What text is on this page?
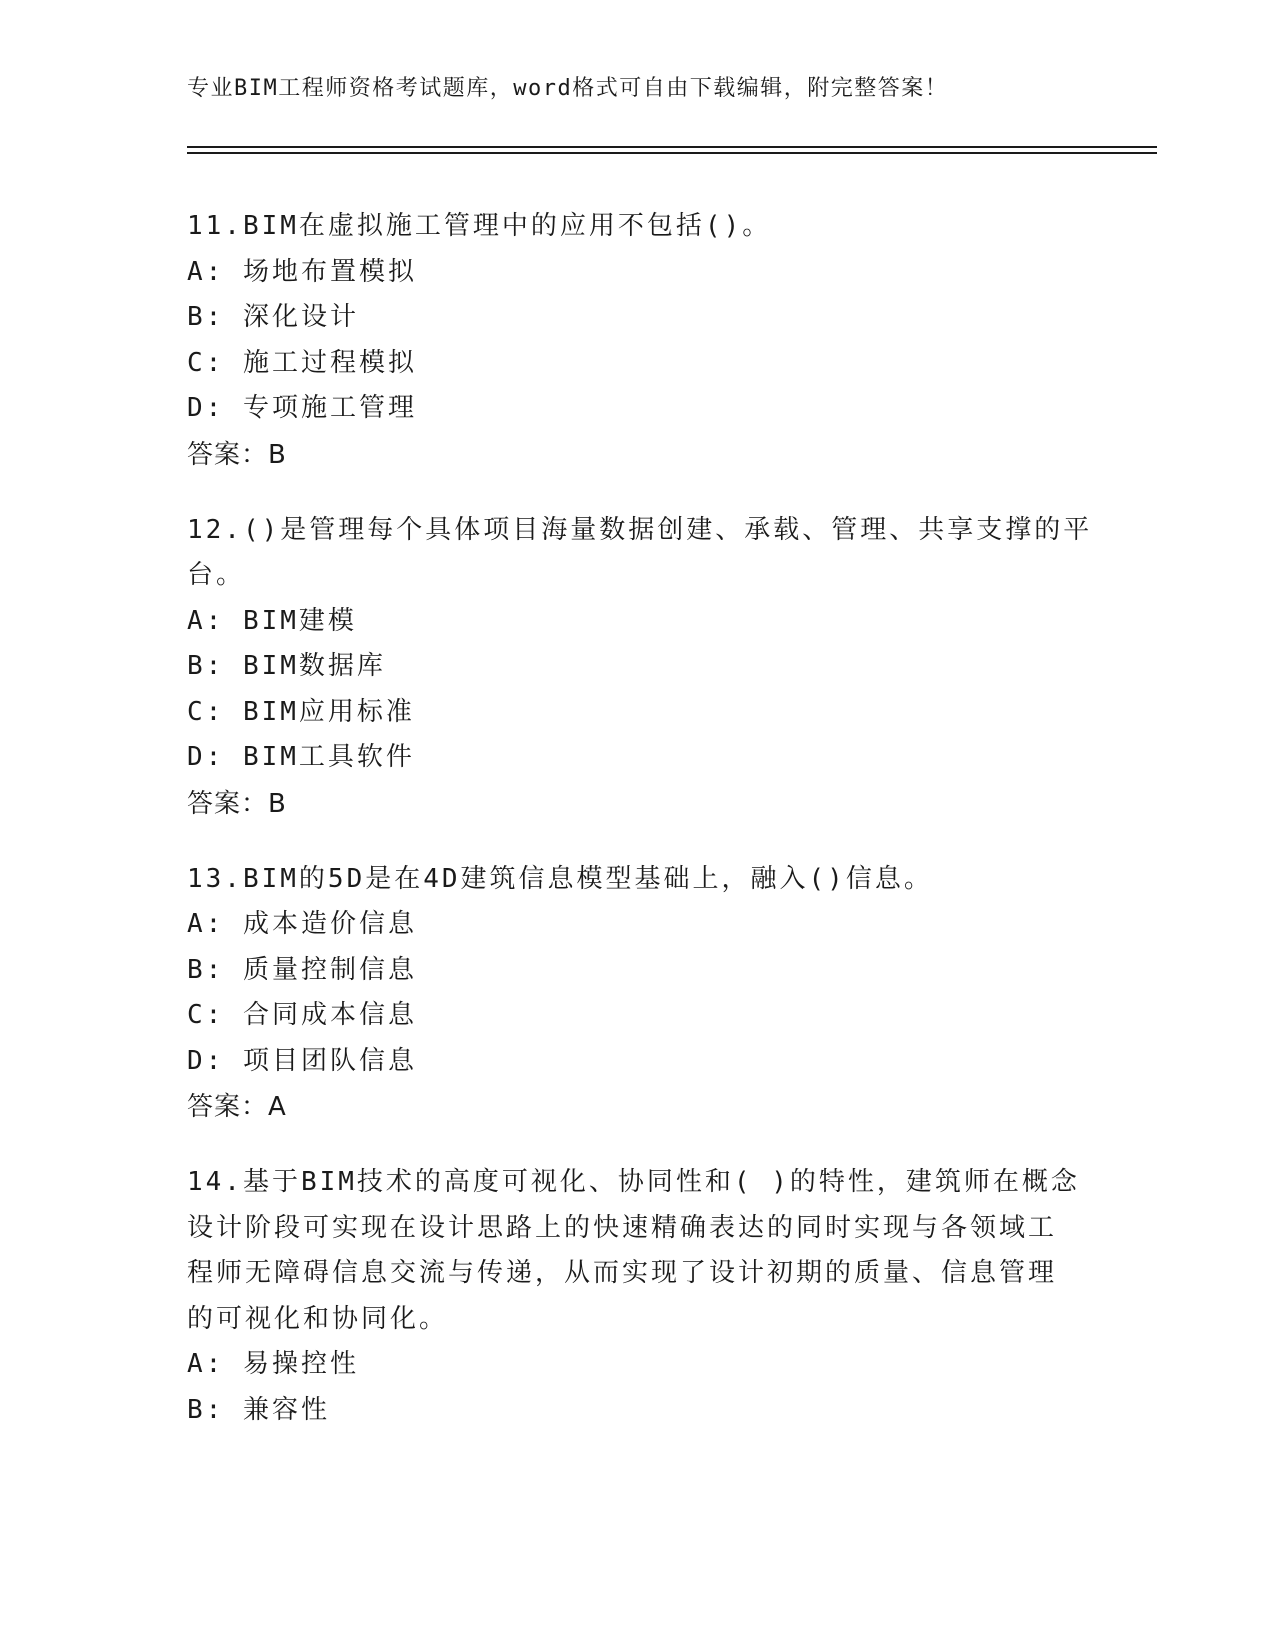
专业BIM工程师资格考试题库，word格式可自由下载编辑，附完整答案！
11.BIM在虚拟施工管理中的应用不包括()。
A: 场地布置模拟
B: 深化设计
C: 施工过程模拟
D: 专项施工管理
答案：B
12.()是管理每个具体项目海量数据创建、承载、管理、共享支撑的平
台。
A: BIM建模
B: BIM数据库
C: BIM应用标准
D: BIM工具软件
答案：B
13.BIM的5D是在4D建筑信息模型基础上，融入()信息。
A: 成本造价信息
B: 质量控制信息
C: 合同成本信息
D: 项目团队信息
答案：A
14.基于BIM技术的高度可视化、协同性和( )的特性，建筑师在概念
设计阶段可实现在设计思路上的快速精确表达的同时实现与各领域工
程师无障碍信息交流与传递，从而实现了设计初期的质量、信息管理
的可视化和协同化。
A: 易操控性
B: 兼容性
